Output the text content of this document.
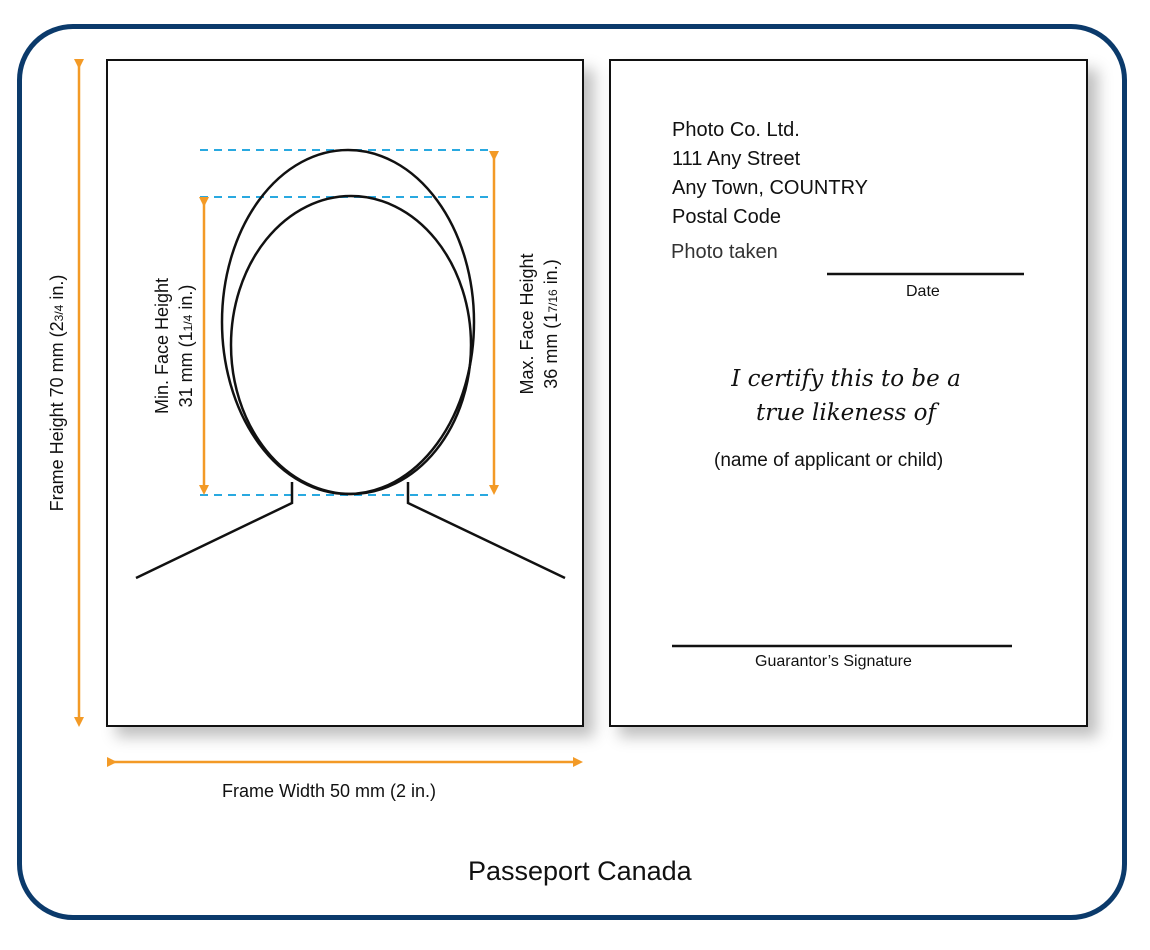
Frame Height 70 mm (23/4 in.)	Min. Face Height 31 mm (11/4 in.)	Max. Face Height 36 mm (17/16 in.)
Frame Width 50 mm (2 in.)
Photo Co. Ltd.
111 Any Street
Any Town, COUNTRY
Postal Code
Photo taken
Date
I certify this to be a
true likeness of
(name of applicant or child)
Guarantor’s Signature
Passeport Canada
